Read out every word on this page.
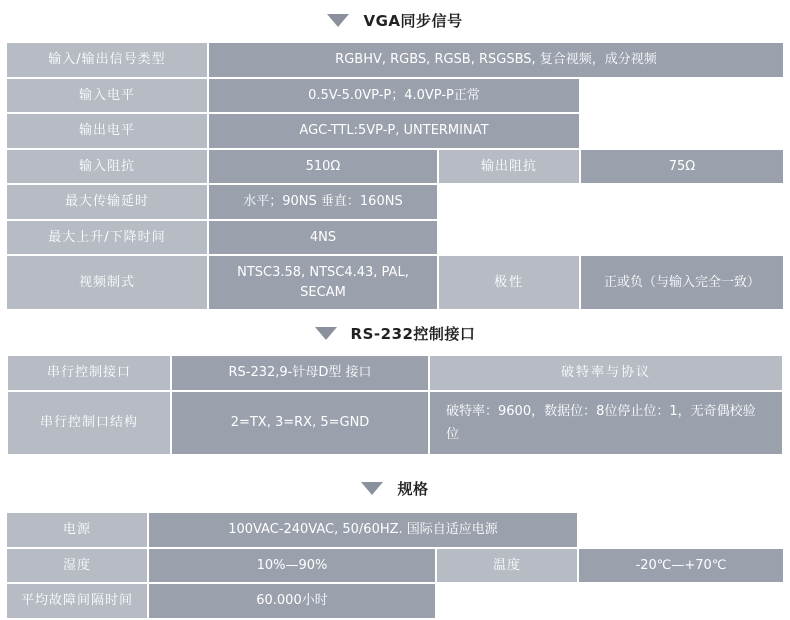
VGA同步信号
输入/输出信号类型	RGBHV, RGBS, RGSB, RSGSBS, 复合视频，成分视频		
输入电平	0.5V-5.0VP-P；4.0VP-P正常		
输出电平	AGC-TTL:5VP-P, UNTERMINAT		
输入阻抗	510Ω	输出阻抗	75Ω
最大传输延时	水平；90NS 垂直：160NS		
最大上升/下降时间	4NS		
视频制式	NTSC3.58, NTSC4.43, PAL, SECAM	极性	正或负（与输入完全一致）
RS-232控制接口
串行控制接口	RS-232,9-针母D型 接口	破特率与协议
串行控制口结构	2=TX, 3=RX, 5=GND	破特率：9600，数据位：8位停止位：1，无奇偶校验位
规格
电源	100VAC-240VAC, 50/60HZ. 国际自适应电源		
湿度	10%—90%	温度	-20℃—+70℃
平均故障间隔时间	60.000小时		
